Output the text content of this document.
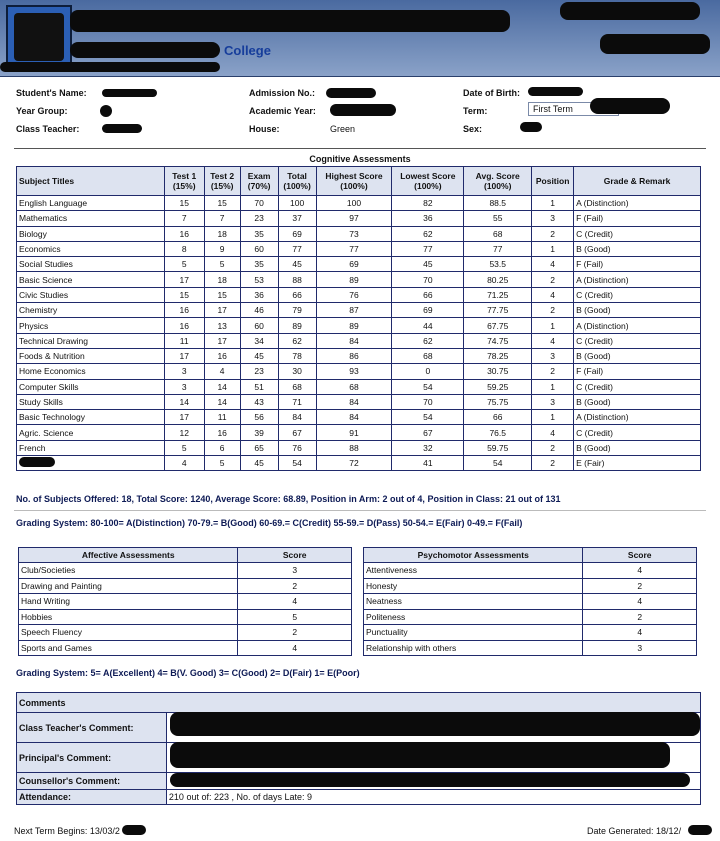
College
Student's Name:	Admission No.:	Date of Birth:
Year Group:	Academic Year:	Term:	First Term
Class Teacher:	House:	Green	Sex:
Cognitive Assessments
Subject Titles	Test 1 (15%)	Test 2 (15%)	Exam (70%)	Total (100%)	Highest Score (100%)	Lowest Score (100%)	Avg. Score (100%)	Position	Grade & Remark
English Language	15	15	70	100	100	82	88.5	1	A (Distinction)
Mathematics	7	7	23	37	97	36	55	3	F (Fail)
Biology	16	18	35	69	73	62	68	2	C (Credit)
Economics	8	9	60	77	77	77	77	1	B (Good)
Social Studies	5	5	35	45	69	45	53.5	4	F (Fail)
Basic Science	17	18	53	88	89	70	80.25	2	A (Distinction)
Civic Studies	15	15	36	66	76	66	71.25	4	C (Credit)
Chemistry	16	17	46	79	87	69	77.75	2	B (Good)
Physics	16	13	60	89	89	44	67.75	1	A (Distinction)
Technical Drawing	11	17	34	62	84	62	74.75	4	C (Credit)
Foods & Nutrition	17	16	45	78	86	68	78.25	3	B (Good)
Home Economics	3	4	23	30	93	0	30.75	2	F (Fail)
Computer Skills	3	14	51	68	68	54	59.25	1	C (Credit)
Study Skills	14	14	43	71	84	70	75.75	3	B (Good)
Basic Technology	17	11	56	84	84	54	66	1	A (Distinction)
Agric. Science	12	16	39	67	91	67	76.5	4	C (Credit)
French	5	6	65	76	88	32	59.75	2	B (Good)

	4	5	45	54	72	41	54	2	E (Fair)
No. of Subjects Offered: 18, Total Score: 1240, Average Score: 68.89, Position in Arm: 2 out of 4, Position in Class: 21 out of 131
Grading System: 80-100= A(Distinction) 70-79.= B(Good) 60-69.= C(Credit) 55-59.= D(Pass) 50-54.= E(Fair) 0-49.= F(Fail)
Affective Assessments	Score
Club/Societies	3
Drawing and Painting	2
Hand Writing	4
Hobbies	5
Speech Fluency	2
Sports and Games	4
Psychomotor Assessments	Score
Attentiveness	4
Honesty	2
Neatness	4
Politeness	2
Punctuality	4
Relationship with others	3
Grading System: 5= A(Excellent) 4= B(V. Good) 3= C(Good) 2= D(Fair) 1= E(Poor)
Comments	
Class Teacher's Comment:	
Principal's Comment:	
Counsellor's Comment:	
Attendance:	210 out of: 223 , No. of days Late: 9
Next Term Begins: 13/03/2	Date Generated: 18/12/
